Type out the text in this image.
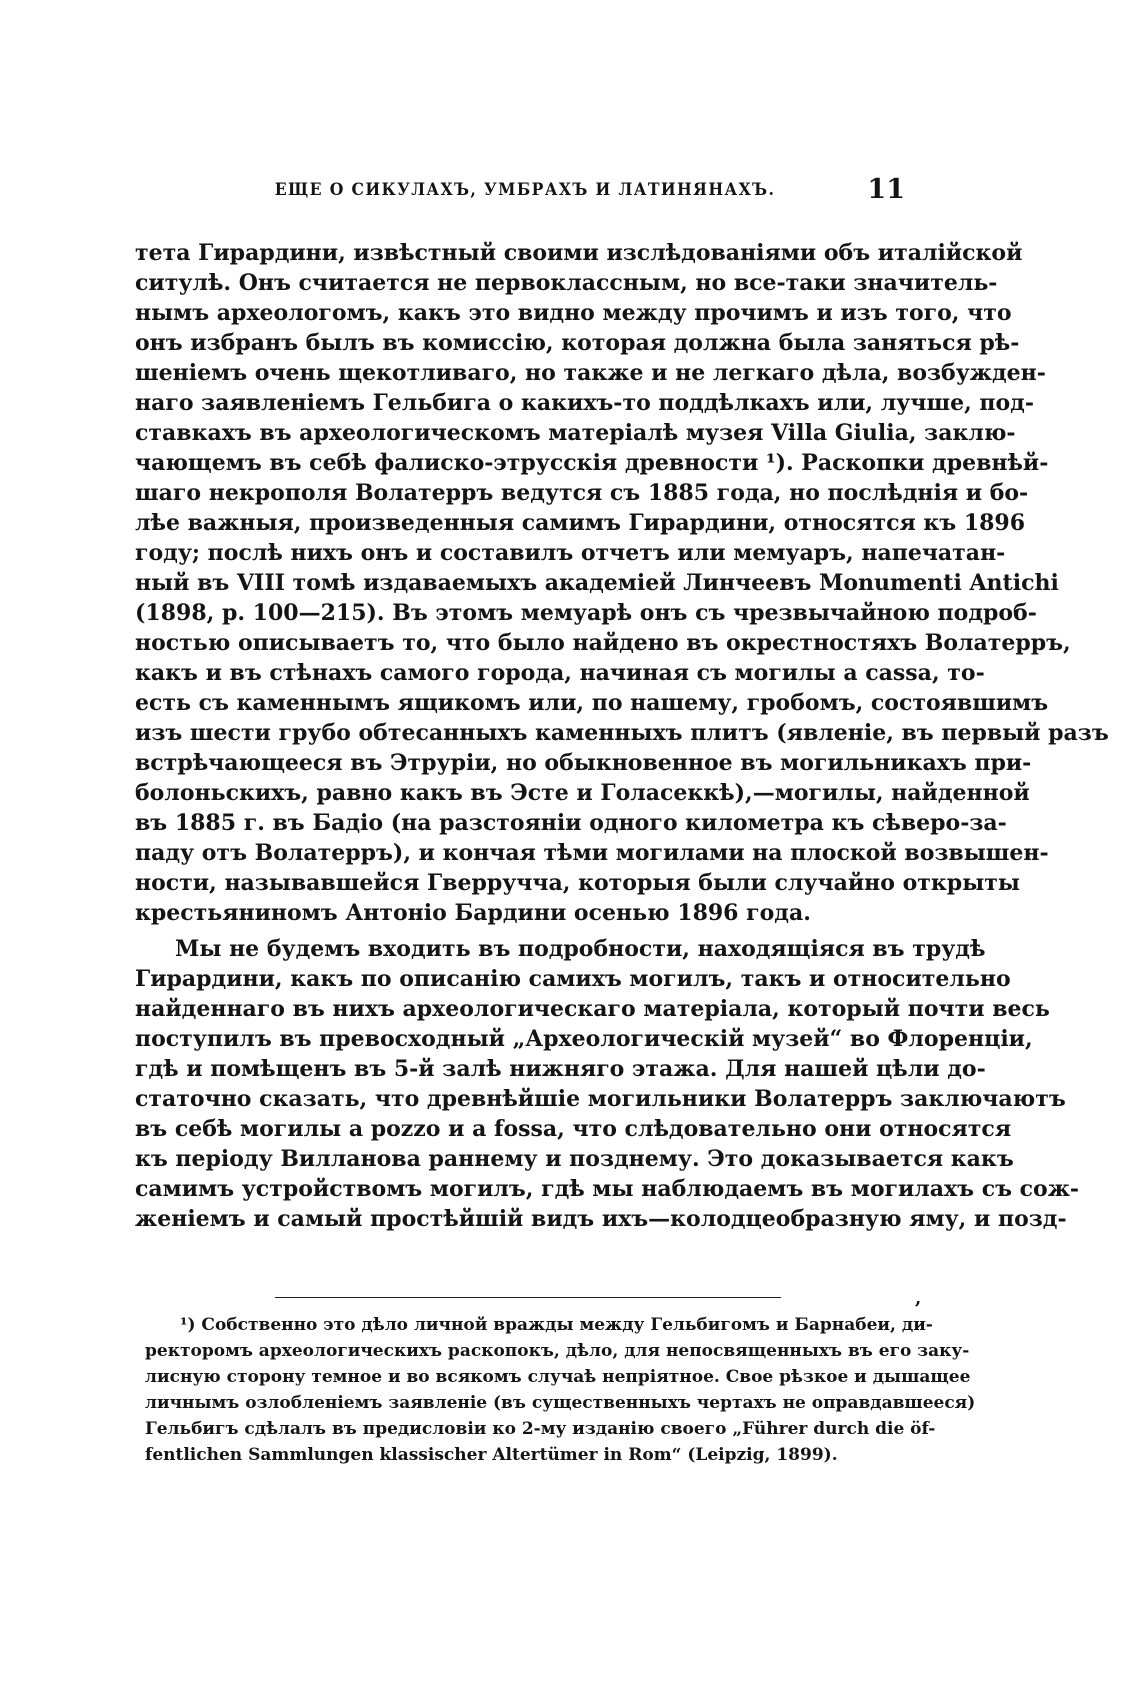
ЕЩЕ О СИКУЛАХЪ, УМБРАХЪ И ЛАТИНЯНАХЪ.	11
тета Гирардини, извѣстный своими изслѣдованiями объ италiйской
ситулѣ. Онъ считается не первоклассным, но все-таки значитель-
нымъ археологомъ, какъ это видно между прочимъ и изъ того, что
онъ избранъ былъ въ комиссiю, которая должна была заняться рѣ-
шенiемъ очень щекотливаго, но также и не легкаго дѣла, возбужден-
наго заявленiемъ Гельбига о какихъ-то поддѣлкахъ или, лучше, под-
ставкахъ въ археологическомъ матерiалѣ музея Villa Giulia, заклю-
чающемъ въ себѣ фалиско-этрусскiя древности ¹). Раскопки древнѣй-
шаго некрополя Волатерръ ведутся съ 1885 года, но послѣднiя и бо-
лѣе важныя, произведенныя самимъ Гирардини, относятся къ 1896
году; послѣ нихъ онъ и составилъ отчетъ или мемуаръ, напечатан-
ный въ VIII томѣ издаваемыхъ академiей Линчеевъ Monumenti Antichi
(1898, p. 100—215). Въ этомъ мемуарѣ онъ съ чрезвычайною подроб-
ностью описываетъ то, что было найдено въ окрестностяхъ Волатерръ,
какъ и въ стѣнахъ самого города, начиная съ могилы a cassa, то-
есть съ каменнымъ ящикомъ или, по нашему, гробомъ, состоявшимъ
изъ шести грубо обтесанныхъ каменныхъ плитъ (явленiе, въ первый разъ
встрѣчающееся въ Этрурiи, но обыкновенное въ могильникахъ при-
болоньскихъ, равно какъ въ Эсте и Голасеккѣ),—могилы, найденной
въ 1885 г. въ Бадiо (на разстоянiи одного километра къ сѣверо-за-
паду отъ Волатерръ), и кончая тѣми могилами на плоской возвышен-
ности, называвшейся Гверручча, которыя были случайно открыты
крестьяниномъ Антонiо Бардини осенью 1896 года.
Мы не будемъ входить въ подробности, находящiяся въ трудѣ
Гирардини, какъ по описанiю самихъ могилъ, такъ и относительно
найденнаго въ нихъ археологическаго матерiала, который почти весь
поступилъ въ превосходный „Археологическiй музей“ во Флоренцiи,
гдѣ и помѣщенъ въ 5-й залѣ нижняго этажа. Для нашей цѣли до-
статочно сказать, что древнѣйшiе могильники Волатерръ заключаютъ
въ себѣ могилы a pozzo и a fossa, что слѣдовательно они относятся
къ перiоду Вилланова раннему и позднему. Это доказывается какъ
самимъ устройствомъ могилъ, гдѣ мы наблюдаемъ въ могилахъ съ сож-
женiемъ и самый простѣйшiй видъ ихъ—колодцеобразную яму, и позд-
,
¹) Собственно это дѣло личной вражды между Гельбигомъ и Барнабеи, ди-
ректоромъ археологическихъ раскопокъ, дѣло, для непосвященныхъ въ его заку-
лисную сторону темное и во всякомъ случаѣ непрiятное. Свое рѣзкое и дышащее
личнымъ озлобленiемъ заявленiе (въ существенныхъ чертахъ не оправдавшееся)
Гельбигъ сдѣлалъ въ предисловiи ко 2-му изданiю своего „Führer durch die öf-
fentlichen Sammlungen klassischer Altertümer in Rom“ (Leipzig, 1899).
